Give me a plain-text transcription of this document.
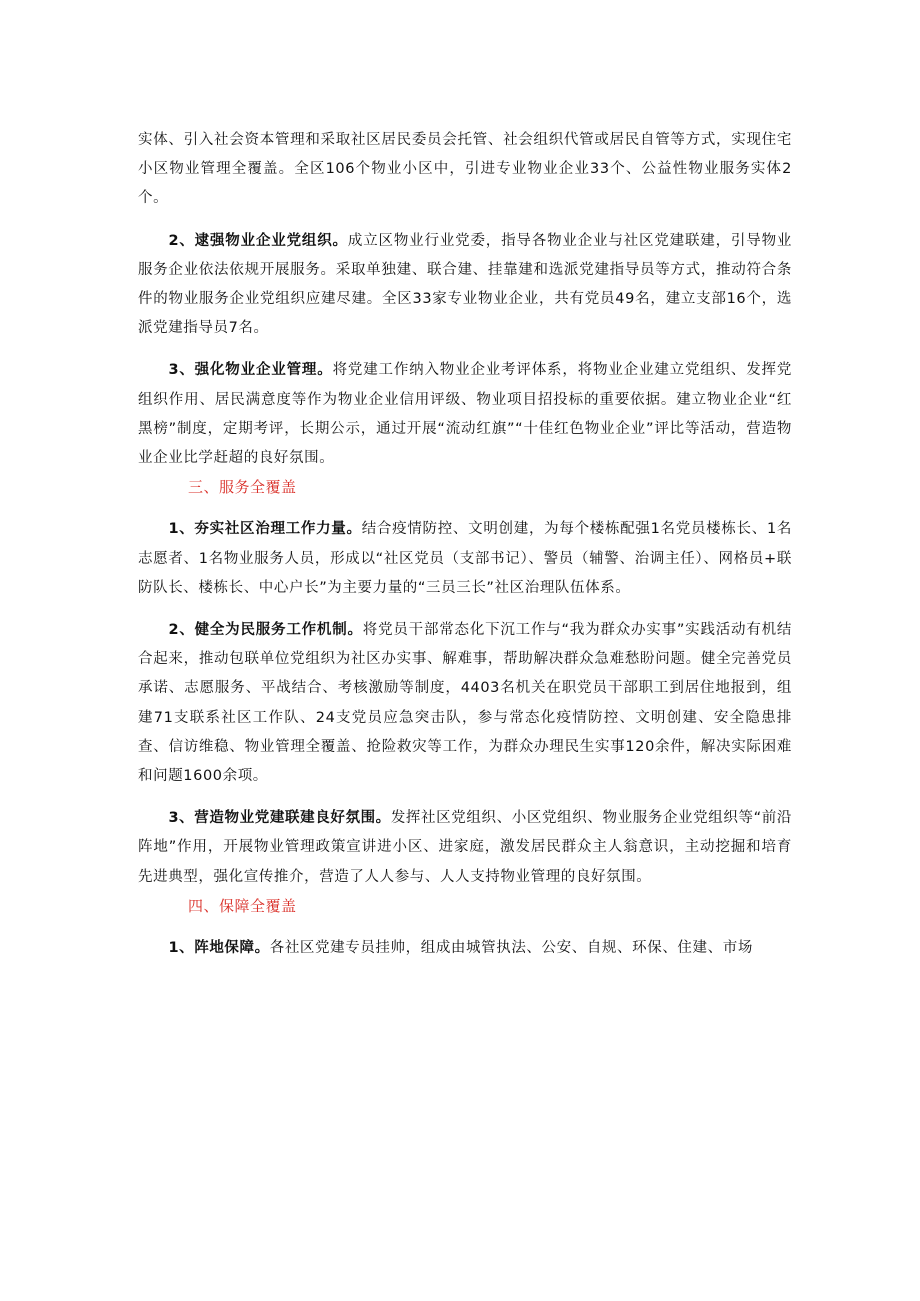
实体、引入社会资本管理和采取社区居民委员会托管、社会组织代管或居民自管等方式，实现住宅小区物业管理全覆盖。全区106个物业小区中，引进专业物业企业33个、公益性物业服务实体2个。

2、逮强物业企业党组织。成立区物业行业党委，指导各物业企业与社区党建联建，引导物业服务企业依法依规开展服务。采取单独建、联合建、挂靠建和选派党建指导员等方式，推动符合条件的物业服务企业党组织应建尽建。全区33家专业物业企业，共有党员49名，建立支部16个，选派党建指导员7名。

3、强化物业企业管理。将党建工作纳入物业企业考评体系，将物业企业建立党组织、发挥党组织作用、居民满意度等作为物业企业信用评级、物业项目招投标的重要依据。建立物业企业“红黑榜”制度，定期考评，长期公示，通过开展“流动红旗”“十佳红色物业企业”评比等活动，营造物业企业比学赶超的良好氛围。

三、服务全覆盖

1、夯实社区治理工作力量。结合疫情防控、文明创建，为每个楼栋配强1名党员楼栋长、1名志愿者、1名物业服务人员，形成以“社区党员（支部书记）、警员（辅警、治调主任）、网格员+联防队长、楼栋长、中心户长”为主要力量的“三员三长”社区治理队伍体系。

2、健全为民服务工作机制。将党员干部常态化下沉工作与“我为群众办实事”实践活动有机结合起来，推动包联单位党组织为社区办实事、解难事，帮助解决群众急难愁盼问题。健全完善党员承诺、志愿服务、平战结合、考核激励等制度，4403名机关在职党员干部职工到居住地报到，组建71支联系社区工作队、24支党员应急突击队，参与常态化疫情防控、文明创建、安全隐患排查、信访维稳、物业管理全覆盖、抢险救灾等工作，为群众办理民生实事120余件，解决实际困难和问题1600余项。

3、营造物业党建联建良好氛围。发挥社区党组织、小区党组织、物业服务企业党组织等“前沿阵地”作用，开展物业管理政策宣讲进小区、进家庭，激发居民群众主人翁意识，主动挖掘和培育先进典型，强化宣传推介，营造了人人参与、人人支持物业管理的良好氛围。

四、保障全覆盖

1、阵地保障。各社区党建专员挂帅，组成由城管执法、公安、自规、环保、住建、市场
